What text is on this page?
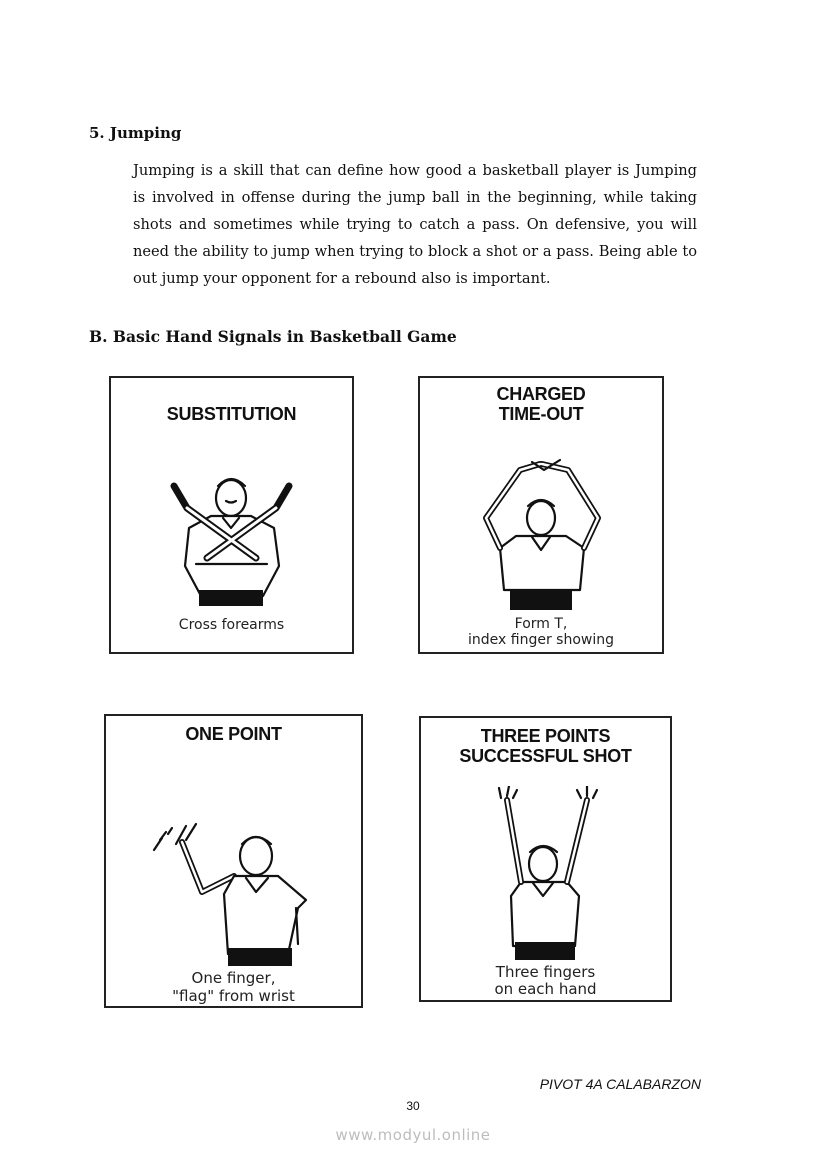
5. Jumping

Jumping is a skill that can define how good a basketball player is Jumping is involved in offense during the jump ball in the beginning, while taking shots and sometimes while trying to catch a pass. On defensive, you will need the ability to jump when trying to block a shot or a pass. Being able to out jump your opponent for a rebound also is important.

B. Basic Hand Signals in Basketball Game
SUBSTITUTION
Cross forearms
CHARGED
TIME-OUT
Form T,
index finger showing
ONE POINT
One finger,
"flag" from wrist
THREE POINTS
SUCCESSFUL SHOT
Three fingers
on each hand
PIVOT 4A CALABARZON
30
www.modyul.online
